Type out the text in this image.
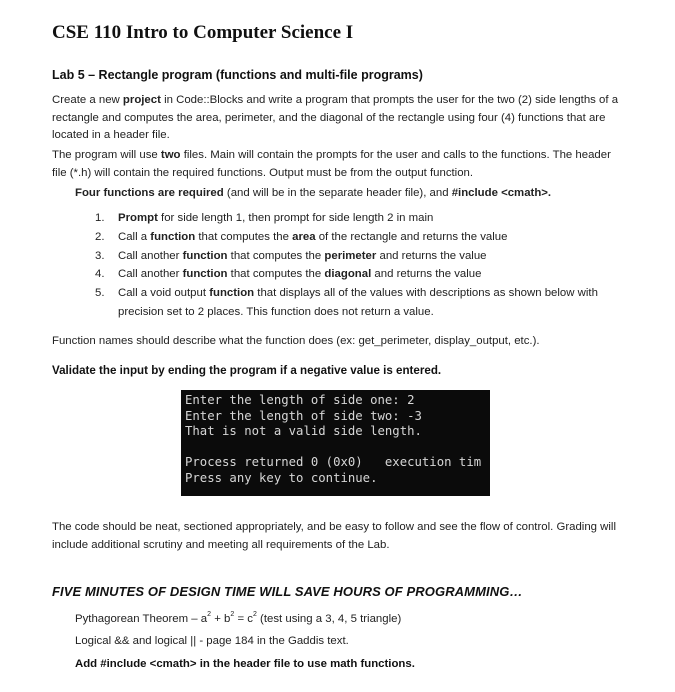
CSE 110 Intro to Computer Science I
Lab 5 – Rectangle program (functions and multi-file programs)

Create a new project in Code::Blocks and write a program that prompts the user for the two (2) side lengths of a rectangle and computes the area, perimeter, and the diagonal of the rectangle using four (4) functions that are located in a header file.

The program will use two files. Main will contain the prompts for the user and calls to the functions. The header file (*.h) will contain the required functions. Output must be from the output function.

Four functions are required (and will be in the separate header file), and #include <cmath>.

1. Prompt for side length 1, then prompt for side length 2 in main
2. Call a function that computes the area of the rectangle and returns the value
3. Call another function that computes the perimeter and returns the value
4. Call another function that computes the diagonal and returns the value
5. Call a void output function that displays all of the values with descriptions as shown below with precision set to 2 places. This function does not return a value.

Function names should describe what the function does (ex: get_perimeter, display_output, etc.).

Validate the input by ending the program if a negative value is entered.

Enter the length of side one: 2

Enter the length of side two: -3

That is not a valid side length.

Process returned 0 (0x0)   execution tim

Press any key to continue.

The code should be neat, sectioned appropriately, and be easy to follow and see the flow of control. Grading will include additional scrutiny and meeting all requirements of the Lab.

FIVE MINUTES OF DESIGN TIME WILL SAVE HOURS OF PROGRAMMING…

Pythagorean Theorem – $a^2 + b^2 = c^2$ (test using a 3, 4, 5 triangle)

Logical && and logical || - page 184 in the Gaddis text.

Add #include <cmath> in the header file to use math functions.
